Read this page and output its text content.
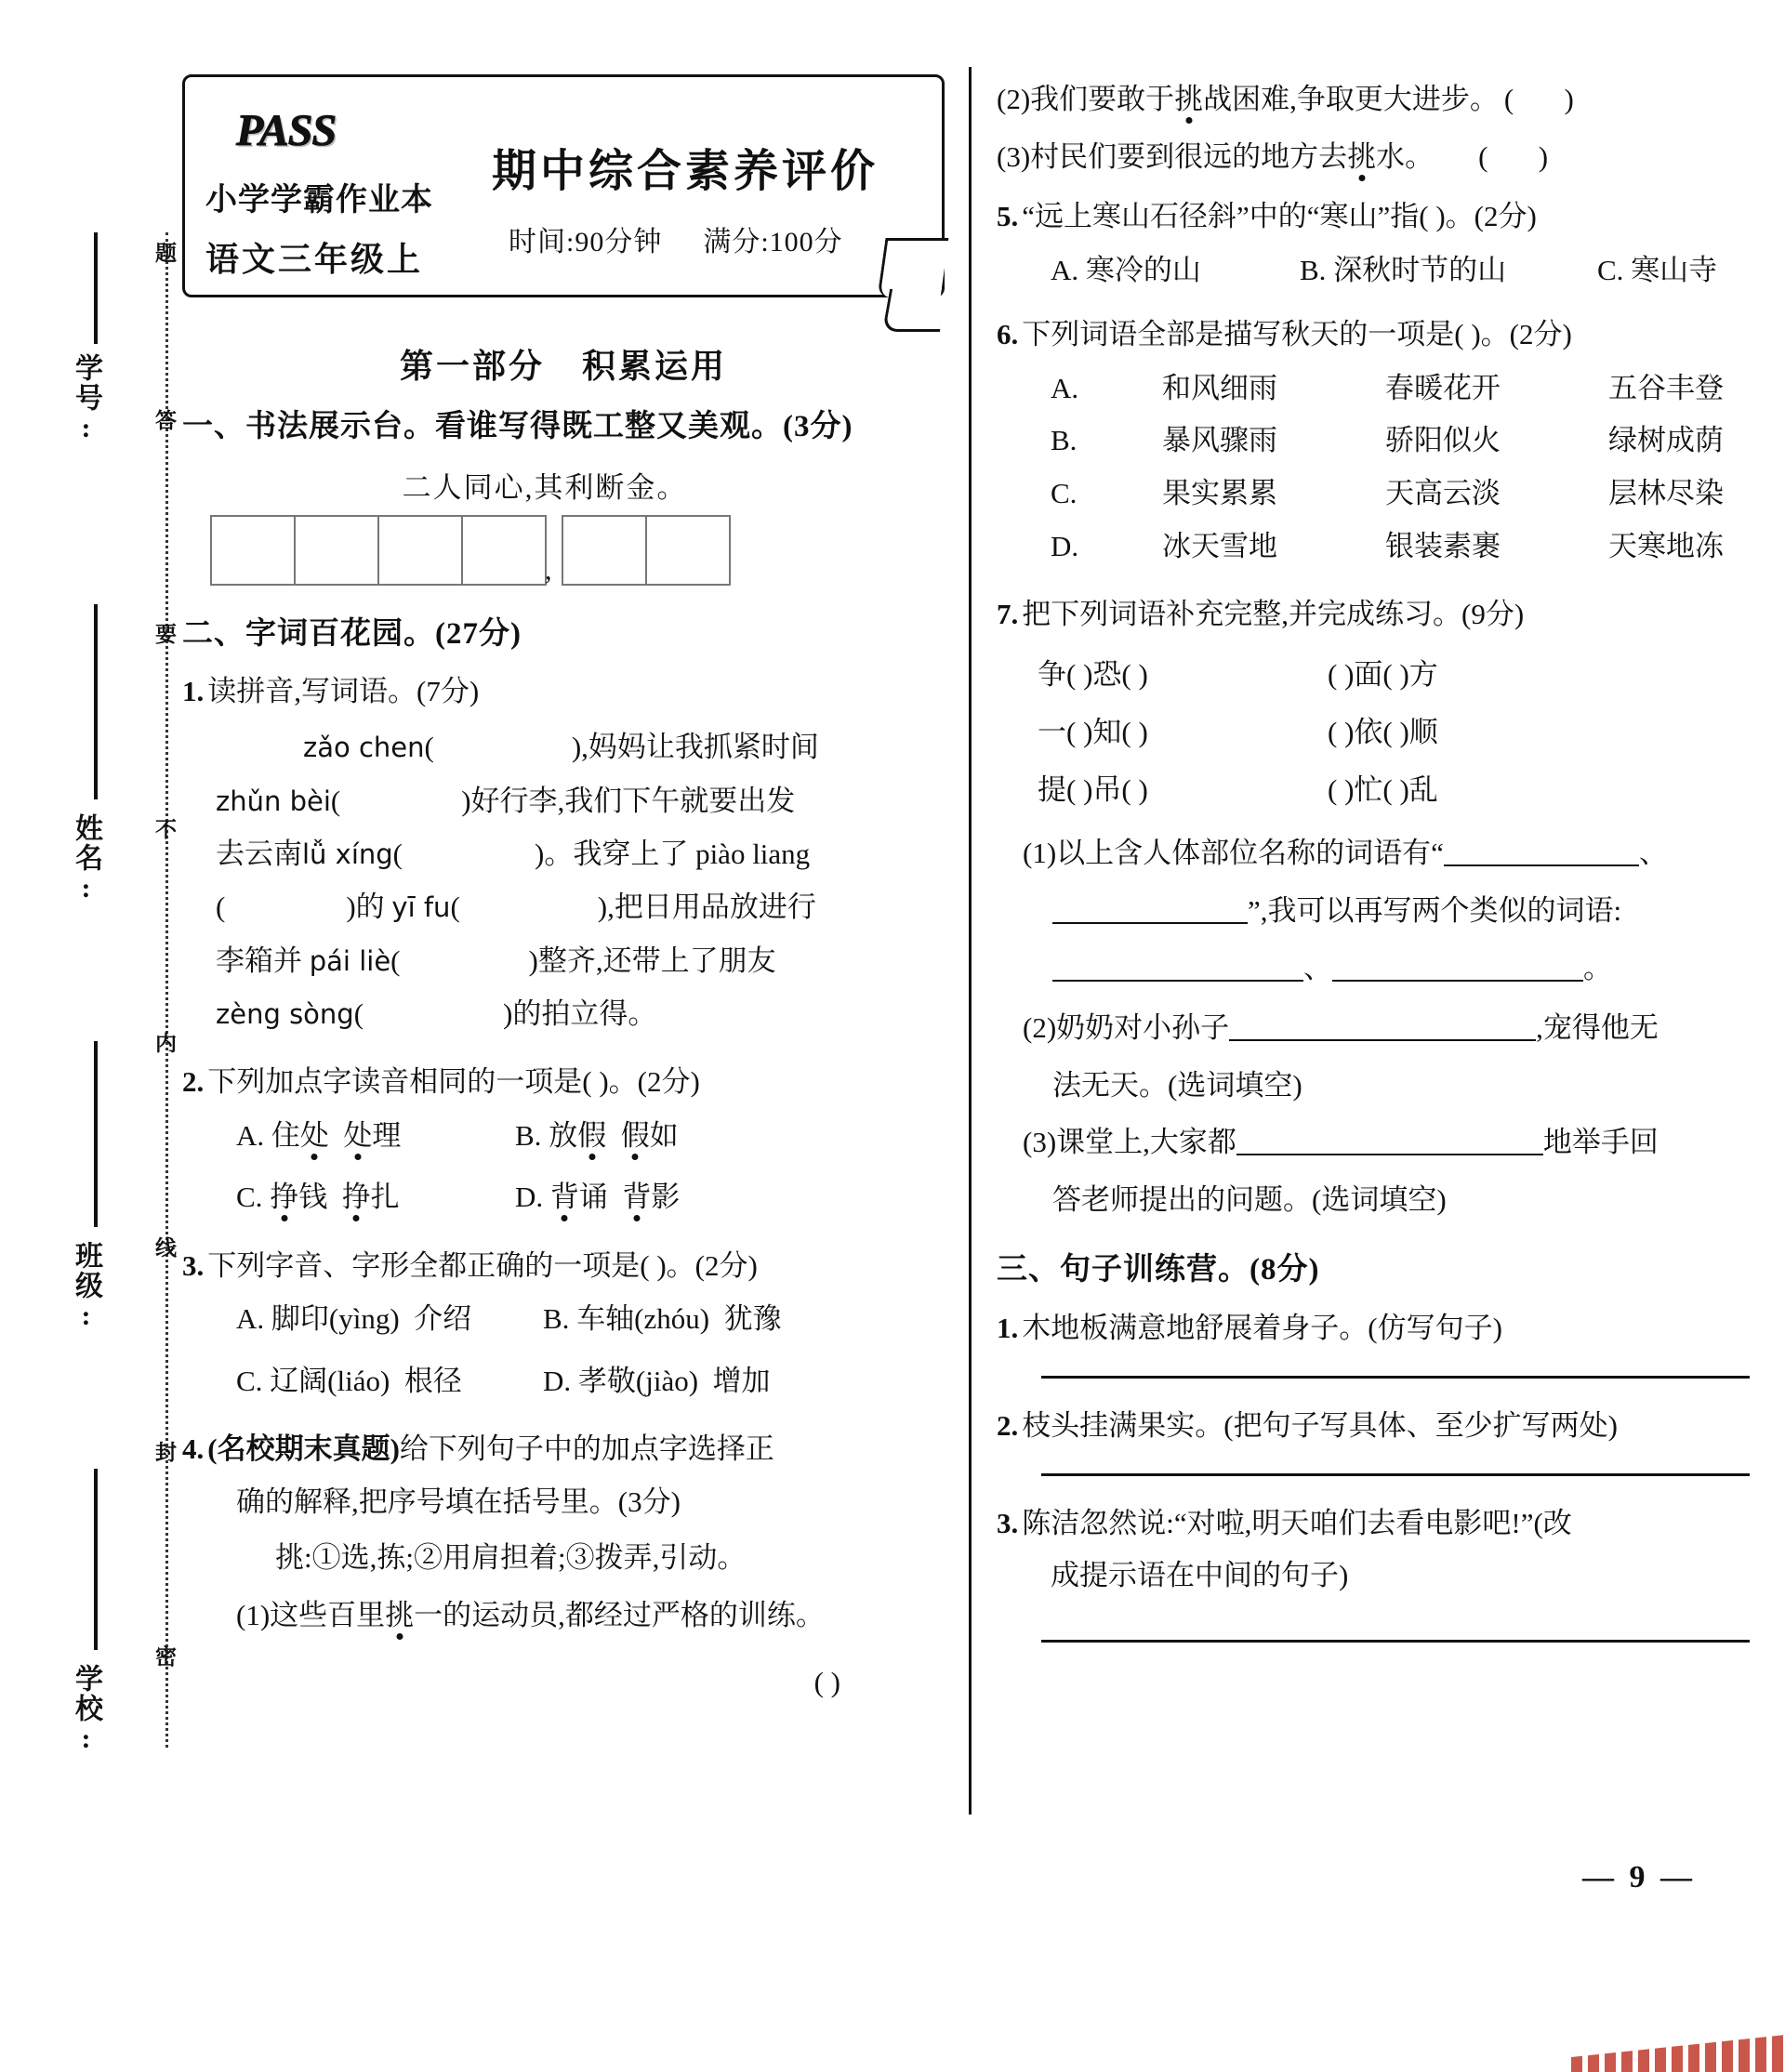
学号:
姓名:
班级:
学校:
题
答
要
不
内
线
封
密
PASS
小学学霸作业本
语文三年级上
期中综合素养评价
时间:90分钟 满分:100分
第一部分 积累运用
一、书法展示台。看谁写得既工整又美观。(3分)
二人同心,其利断金。
,
二、字词百花园。(27分)
1. 读拼音,写词语。(7分)
zǎo chen(	),妈妈让我抓紧时间
zhǔn bèi(	)好行李,我们下午就要出发
去云南lǚ xíng(	)。我穿上了 piào liang
(	)的 yī fu(	),把日用品放进行
李箱并 pái liè(	)整齐,还带上了朋友
zèng sòng(	)的拍立得。
2. 下列加点字读音相同的一项是( )。(2分)
A. 住处 处理	B. 放假 假如
C. 挣钱 挣扎	D. 背诵 背影
3. 下列字音、字形全都正确的一项是( )。(2分)
A. 脚印(yìng) 介绍	B. 车轴(zhóu) 犹豫
C. 辽阔(liáo) 根径	D. 孝敬(jiào) 增加
4. (名校期末真题)给下列句子中的加点字选择正
确的解释,把序号填在括号里。(3分)
挑:①选,拣;②用肩担着;③拨弄,引动。
(1)这些百里挑一的运动员,都经过严格的训练。
( )
(2)我们要敢于挑战困难,争取更大进步。 (       )
(3)村民们要到很远的地方去挑水。 (       )
5. “远上寒山石径斜”中的“寒山”指( )。(2分)
A. 寒冷的山	B. 深秋时节的山	C. 寒山寺
6. 下列词语全部是描写秋天的一项是( )。(2分)
A.	和风细雨	春暖花开	五谷丰登
B.	暴风骤雨	骄阳似火	绿树成荫
C.	果实累累	天高云淡	层林尽染
D.	冰天雪地	银装素裹	天寒地冻
7. 把下列词语补充完整,并完成练习。(9分)
争( )恐( )	( )面( )方
一( )知( )	( )依( )顺
提( )吊( )	( )忙( )乱
(1)以上含人体部位名称的词语有“	、
”,我可以再写两个类似的词语:
、	。
(2)奶奶对小孙子	,宠得他无
法无天。(选词填空)
(3)课堂上,大家都	地举手回
答老师提出的问题。(选词填空)
三、句子训练营。(8分)
1. 木地板满意地舒展着身子。(仿写句子)
2. 枝头挂满果实。(把句子写具体、至少扩写两处)
3. 陈洁忽然说:“对啦,明天咱们去看电影吧!”(改
成提示语在中间的句子)
— 9 —
